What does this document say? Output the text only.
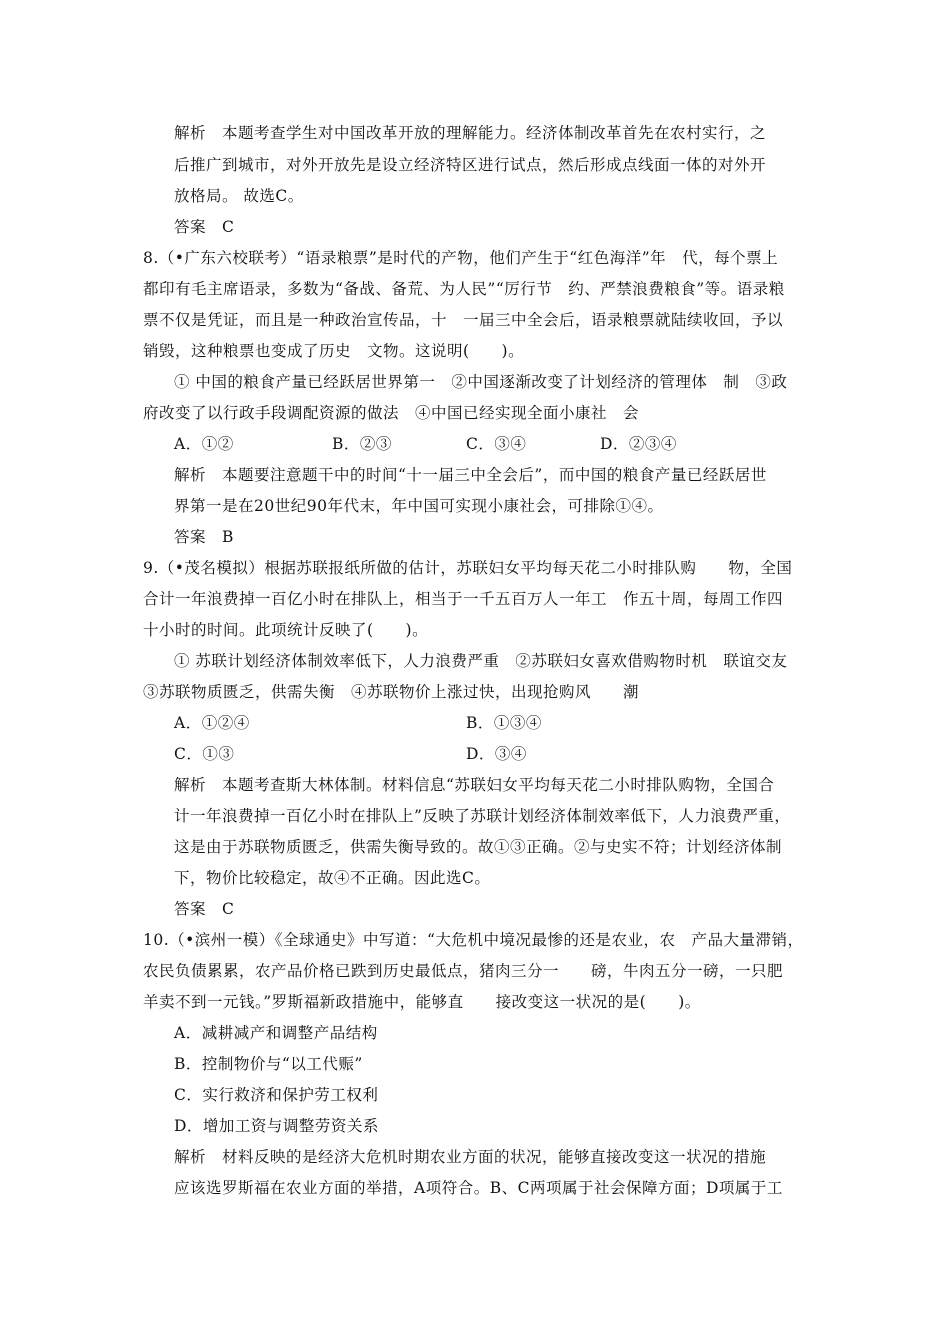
解析　本题考查学生对中国改革开放的理解能力。经济体制改革首先在农村实行，之
后推广到城市，对外开放先是设立经济特区进行试点，然后形成点线面一体的对外开
放格局。 故选C。
答案　C
8.（•广东六校联考）“语录粮票”是时代的产物，他们产生于“红色海洋”年　代，每个票上
都印有毛主席语录，多数为“备战、备荒、为人民”“厉行节　约、严禁浪费粮食”等。语录粮
票不仅是凭证，而且是一种政治宣传品，十　一届三中全会后，语录粮票就陆续收回，予以
销毁，这种粮票也变成了历史　文物。这说明(　　)。
① 中国的粮食产量已经跃居世界第一　②中国逐渐改变了计划经济的管理体　制　③政
府改变了以行政手段调配资源的做法　④中国已经实现全面小康社　会
A．①②	B．②③	C．③④	D．②③④
解析　本题要注意题干中的时间“十一届三中全会后”，而中国的粮食产量已经跃居世
界第一是在20世纪90年代末，年中国可实现小康社会，可排除①④。
答案　B
9.（•茂名模拟）根据苏联报纸所做的估计，苏联妇女平均每天花二小时排队购　　物，全国
合计一年浪费掉一百亿小时在排队上，相当于一千五百万人一年工　作五十周，每周工作四
十小时的时间。此项统计反映了(　　)。
① 苏联计划经济体制效率低下，人力浪费严重　②苏联妇女喜欢借购物时机　联谊交友
③苏联物质匮乏，供需失衡　④苏联物价上涨过快，出现抢购风　　潮
A．①②④	B．①③④
C．①③	D．③④
解析　本题考查斯大林体制。材料信息“苏联妇女平均每天花二小时排队购物，全国合
计一年浪费掉一百亿小时在排队上”反映了苏联计划经济体制效率低下，人力浪费严重，
这是由于苏联物质匮乏，供需失衡导致的。故①③正确。②与史实不符；计划经济体制
下，物价比较稳定，故④不正确。因此选C。
答案　C
10.（•滨州一模）《全球通史》中写道：“大危机中境况最惨的还是农业，农　产品大量滞销，
农民负债累累，农产品价格已跌到历史最低点，猪肉三分一　　磅，牛肉五分一磅，一只肥
羊卖不到一元钱。”罗斯福新政措施中，能够直　　接改变这一状况的是(　　)。
A．减耕减产和调整产品结构
B．控制物价与“以工代赈”
C．实行救济和保护劳工权利
D．增加工资与调整劳资关系
解析　材料反映的是经济大危机时期农业方面的状况，能够直接改变这一状况的措施
应该选罗斯福在农业方面的举措，A项符合。B、C两项属于社会保障方面；D项属于工
